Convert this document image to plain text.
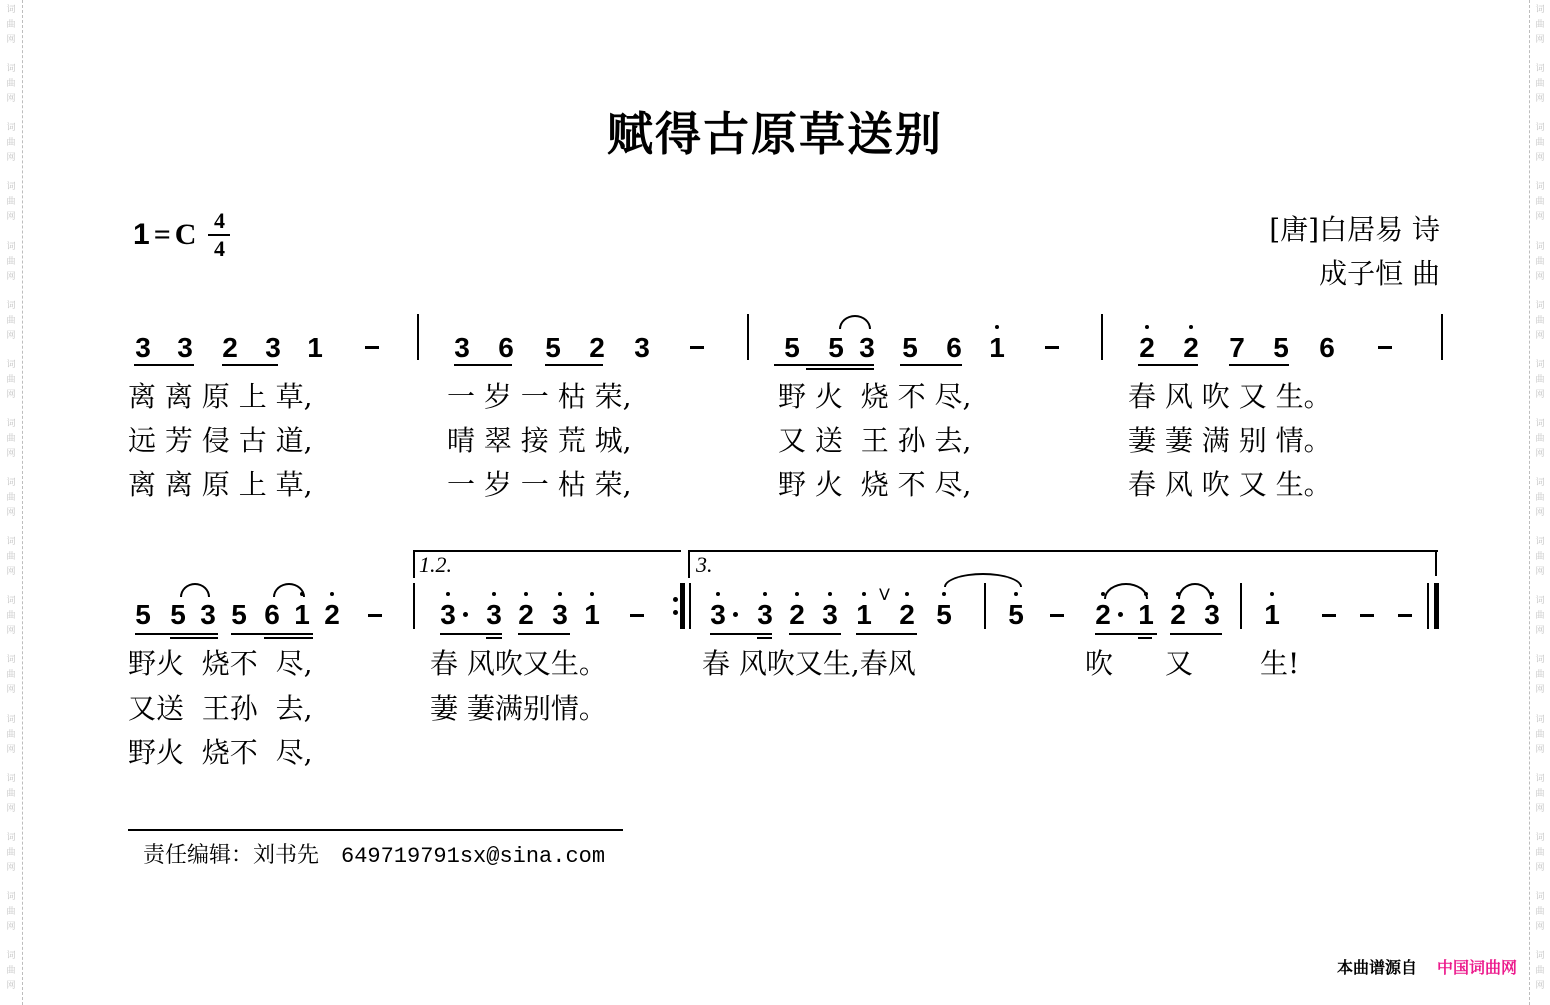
词
曲
网
词
曲
网
词
曲
网
词
曲
网
词
曲
网
词
曲
网
词
曲
网
词
曲
网
词
曲
网
词
曲
网
词
曲
网
词
曲
网
词
曲
网
词
曲
网
词
曲
网
词
曲
网
词
曲
网
词
曲
网
词
曲
网
词
曲
网
词
曲
网
词
曲
网
词
曲
网
词
曲
网
词
曲
网
词
曲
网
词
曲
网
词
曲
网
词
曲
网
词
曲
网
词
曲
网
词
曲
网
词
曲
网
词
曲
网
赋得古原草送别
1 = C $\frac{4}{4}$	[唐]白居易 诗
成子恒 曲
3 3 2 3 1	3 6 5 2 3	5 5 3 5 6 1	2 2 7 5 6
离 离 原 上 草,	一 岁 一 枯 荣,	野 火  烧 不 尽,	春 风 吹 又 生。
远 芳 侵 古 道,	晴 翠 接 荒 城,	又 送  王 孙 去,	萋 萋 满 别 情。
离 离 原 上 草,	一 岁 一 枯 荣,	野 火  烧 不 尽,	春 风 吹 又 生。
1.2.	3.
V
5 5 3 5 6 1 2	3 3 2 3 1	3 3 2 3 1 2 5 5	2 1 2 3 1
野火  烧不  尽,	春 风吹又生。	春 风吹又生,春风	吹 又 生!
又送  王孙  去,	萋 萋满别情。
野火  烧不  尽,
责任编辑：刘书先 649719791sx@sina.com
本曲谱源自 中国词曲网
